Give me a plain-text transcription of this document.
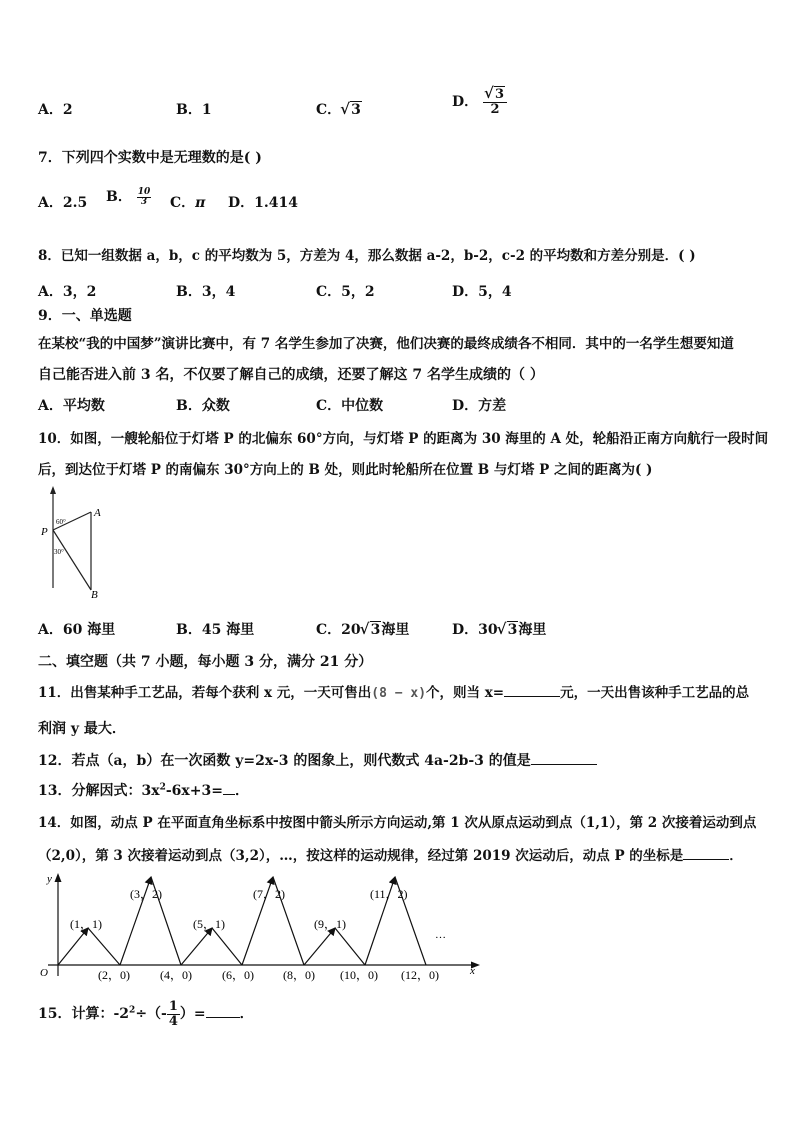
A．2	B．1	C． √ 3	D． √ $\frac{3}{2}$
7．下列四个实数中是无理数的是( )
A．2.5 B． $\frac{10}{3}$ C．π D．1.414
8．已知一组数据 a，b，c 的平均数为 5，方差为 4，那么数据 a-2，b-2，c-2 的平均数和方差分别是．( )
A．3，2	B．3，4	C．5，2	D．5，4
9．一、单选题
在某校“我的中国梦”演讲比赛中，有 7 名学生参加了决赛，他们决赛的最终成绩各不相同．其中的一名学生想要知道
自己能否进入前 3 名，不仅要了解自己的成绩，还要了解这 7 名学生成绩的（ ）
A．平均数	B．众数	C．中位数	D．方差
10．如图，一艘轮船位于灯塔 P 的北偏东 60°方向，与灯塔 P 的距离为 30 海里的 A 处，轮船沿正南方向航行一段时间
后，到达位于灯塔 P 的南偏东 30°方向上的 B 处，则此时轮船所在位置 B 与灯塔 P 之间的距离为( )
P
A
B
60°
30°
A．60 海里	B．45 海里	C．20 √ 3海里	D．30 √ 3海里
二、填空题（共 7 小题，每小题 3 分，满分 21 分）
11．出售某种手工艺品，若每个获利 x 元，一天可售出(8 − x)个，则当 x=	元，一天出售该种手工艺品的总
利润 y 最大．
12．若点（a，b）在一次函数 y=2x-3 的图象上，则代数式 4a-2b-3 的值是
13．分解因式：$3x^2-6x+3=$ ．
14．如图，动点 P 在平面直角坐标系中按图中箭头所示方向运动,第 1 次从原点运动到点（1,1），第 2 次接着运动到点
（2,0），第 3 次接着运动到点（3,2），…，按这样的运动规律，经过第 2019 次运动后，动点 P 的坐标是	．
x
y
O
…
(1，1)
(3，2)
(5，1)
(7，2)
(9，1)
(11，2)
(2，0)	(4，0)	(6，0) (8，0) (10，0) (12，0)
15．计算：$-2^2\div(- \frac{1}{4}$ ）= ．
